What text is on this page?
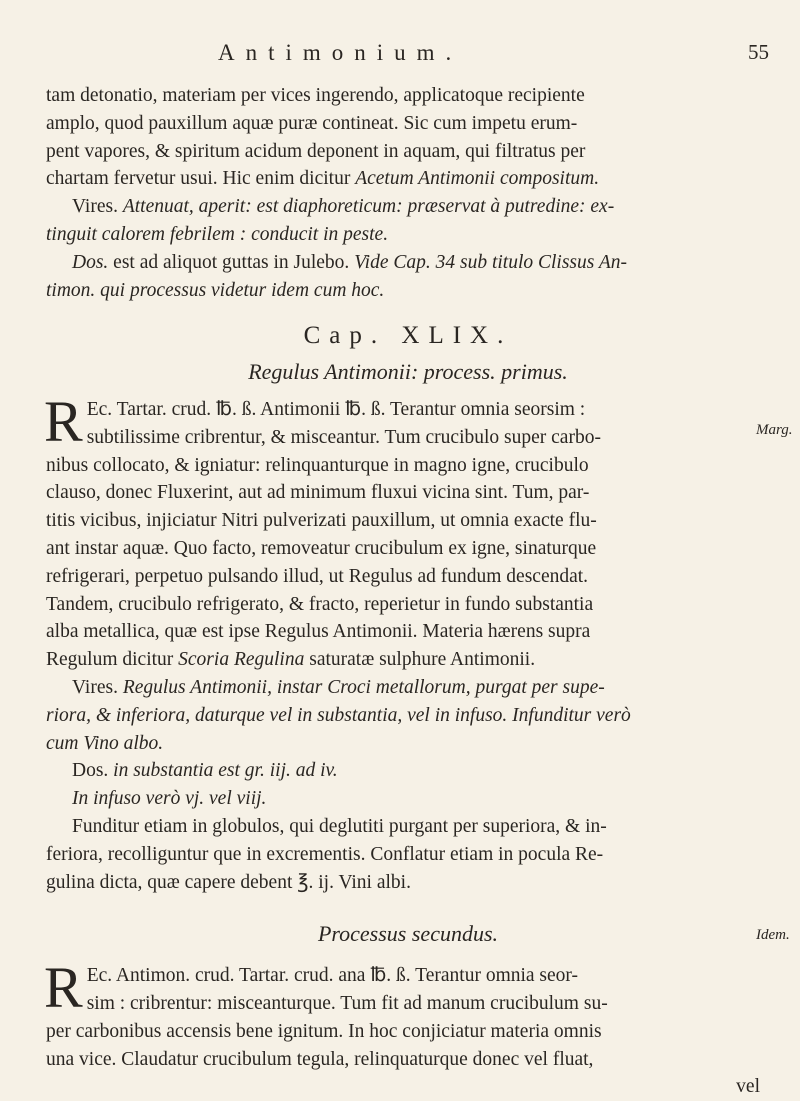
Antimonium.	55

tam detonatio, materiam per vices ingerendo, applicatoque recipiente

amplo, quod pauxillum aquæ puræ contineat. Sic cum impetu erum-

pent vapores, & spiritum acidum deponent in aquam, qui filtratus per

chartam fervetur usui. Hic enim dicitur Acetum Antimonii compositum.

Vires. Attenuat, aperit: est diaphoreticum: præservat à putredine: ex-

tinguit calorem febrilem : conducit in peste.

Dos. est ad aliquot guttas in Julebo. Vide Cap. 34 sub titulo Clissus An-

timon. qui processus videtur idem cum hoc.

Cap. XLIX.

Regulus Antimonii: process. primus.

R Ec. Tartar. crud. ℔. ß. Antimonii ℔. ß. Terantur omnia seorsim :

subtilissime cribrentur, & misceantur. Tum crucibulo super carbo-

nibus collocato, & igniatur: relinquanturque in magno igne, crucibulo

clauso, donec Fluxerint, aut ad minimum fluxui vicina sint. Tum, par-

titis vicibus, injiciatur Nitri pulverizati pauxillum, ut omnia exacte flu-

ant instar aquæ. Quo facto, removeatur crucibulum ex igne, sinaturque

refrigerari, perpetuo pulsando illud, ut Regulus ad fundum descendat.

Tandem, crucibulo refrigerato, & fracto, reperietur in fundo substantia

alba metallica, quæ est ipse Regulus Antimonii. Materia hærens supra

Regulum dicitur Scoria Regulina saturatæ sulphure Antimonii.

Vires. Regulus Antimonii, instar Croci metallorum, purgat per supe-

riora, & inferiora, daturque vel in substantia, vel in infuso. Infunditur verò

cum Vino albo.

Dos. in substantia est gr. iij. ad iv.

In infuso verò vj. vel viij.

Funditur etiam in globulos, qui deglutiti purgant per superiora, & in-

feriora, recolliguntur que in excrementis. Conflatur etiam in pocula Re-

gulina dicta, quæ capere debent ℥. ij. Vini albi.

Processus secundus.

R Ec. Antimon. crud. Tartar. crud. ana ℔. ß. Terantur omnia seor-

sim : cribrentur: misceanturque. Tum fit ad manum crucibulum su-

per carbonibus accensis bene ignitum. In hoc conjiciatur materia omnis

una vice. Claudatur crucibulum tegula, relinquaturque donec vel fluat,

vel

Marg.
Idem.
